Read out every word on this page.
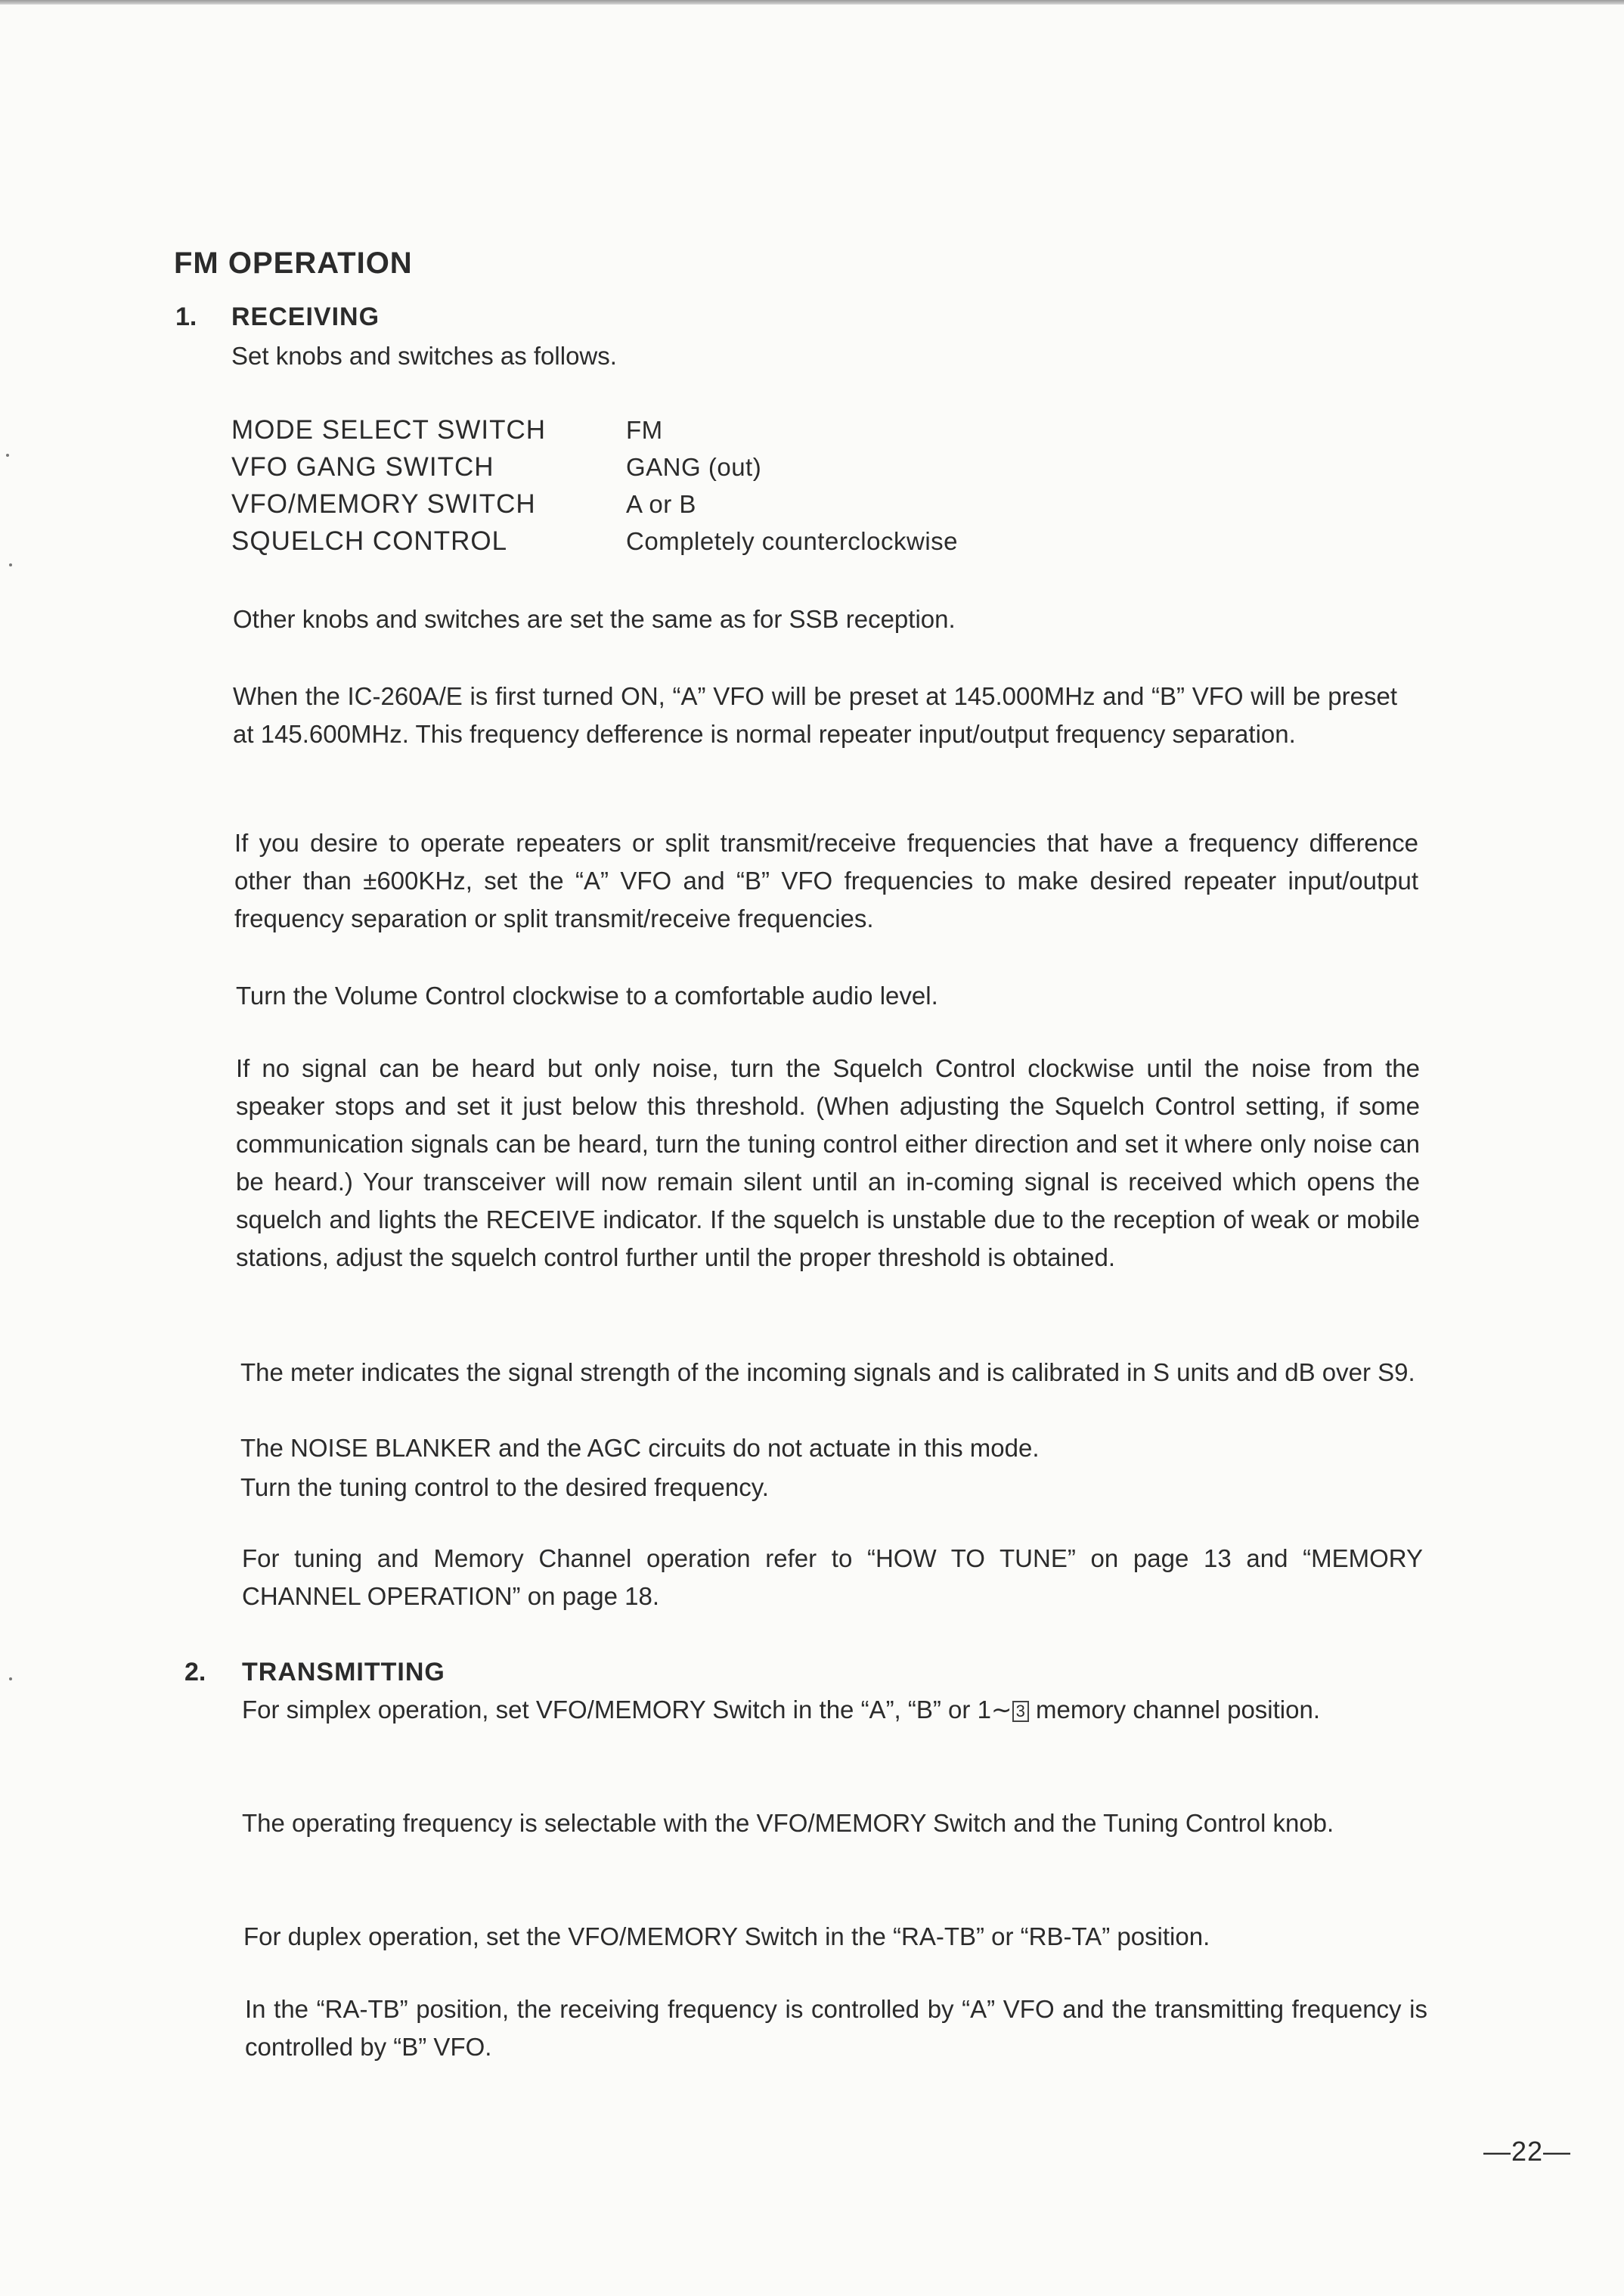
FM OPERATION
1. RECEIVING

Set knobs and switches as follows.

MODE SELECT SWITCH	FM
VFO GANG SWITCH	GANG (out)
VFO/MEMORY SWITCH	A or B
SQUELCH CONTROL	Completely counterclockwise

Other knobs and switches are set the same as for SSB reception.

When the IC-260A/E is first turned ON, “A” VFO will be preset at 145.000MHz and “B” VFO will be preset at 145.600MHz. This frequency defference is normal repeater input/output frequency separation.

If you desire to operate repeaters or split transmit/receive frequencies that have a frequency difference other than ±600KHz, set the “A” VFO and “B” VFO frequencies to make desired repeater input/output frequency separation or split transmit/receive frequencies.

Turn the Volume Control clockwise to a comfortable audio level.

If no signal can be heard but only noise, turn the Squelch Control clockwise until the noise from the speaker stops and set it just below this threshold. (When adjusting the Squelch Control setting, if some communication signals can be heard, turn the tuning control either direction and set it where only noise can be heard.) Your transceiver will now remain silent until an in-coming signal is received which opens the squelch and lights the RECEIVE indicator. If the squelch is unstable due to the reception of weak or mobile stations, adjust the squelch control further until the proper threshold is obtained.

The meter indicates the signal strength of the incoming signals and is calibrated in S units and dB over S9.

The NOISE BLANKER and the AGC circuits do not actuate in this mode.

Turn the tuning control to the desired frequency.

For tuning and Memory Channel operation refer to “HOW TO TUNE” on page 13 and “MEMORY CHANNEL OPERATION” on page 18.

2. TRANSMITTING

For simplex operation, set VFO/MEMORY Switch in the “A”, “B” or 1∼ 3 memory channel position.

The operating frequency is selectable with the VFO/MEMORY Switch and the Tuning Control knob.

For duplex operation, set the VFO/MEMORY Switch in the “RA-TB” or “RB-TA” position.

In the “RA-TB” position, the receiving frequency is controlled by “A” VFO and the transmitting frequency is controlled by “B” VFO.

—22—
